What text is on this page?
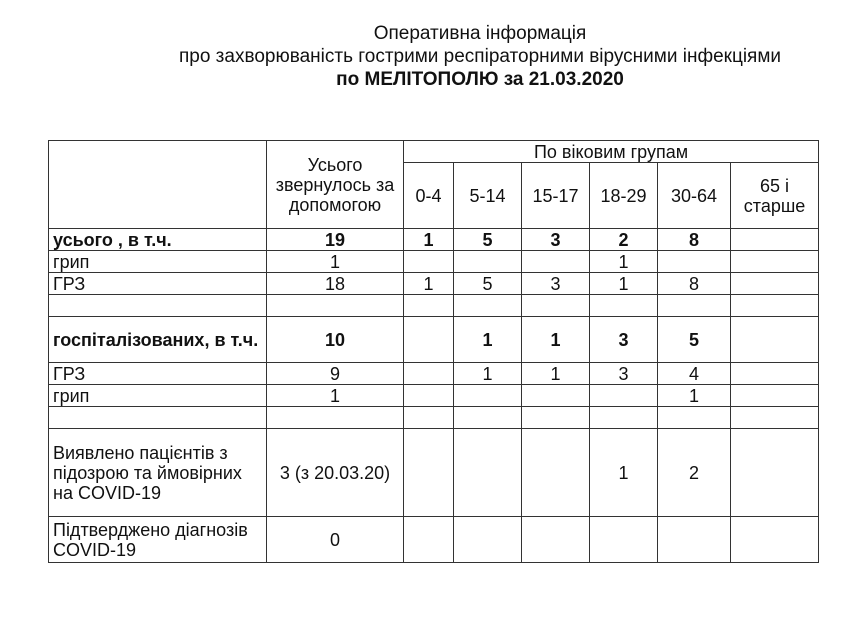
Оперативна інформація
про захворюваність гострими респіраторними вірусними інфекціями
по МЕЛІТОПОЛЮ за 21.03.2020
	Усього звернулось за допомогою	По віковим групам					
		0-4	5-14	15-17	18-29	30-64	65 і старше
усього , в т.ч.	19	1	5	3	2	8	
грип	1				1		
ГРЗ	18	1	5	3	1	8	

госпіталізованих, в т.ч.	10		1	1	3	5	
ГРЗ	9		1	1	3	4	
грип	1					1	

Виявлено пацієнтів з підозрою та ймовірних на COVID-19	3 (з 20.03.20)				1	2	
Підтверджено діагнозів COVID-19	0						
